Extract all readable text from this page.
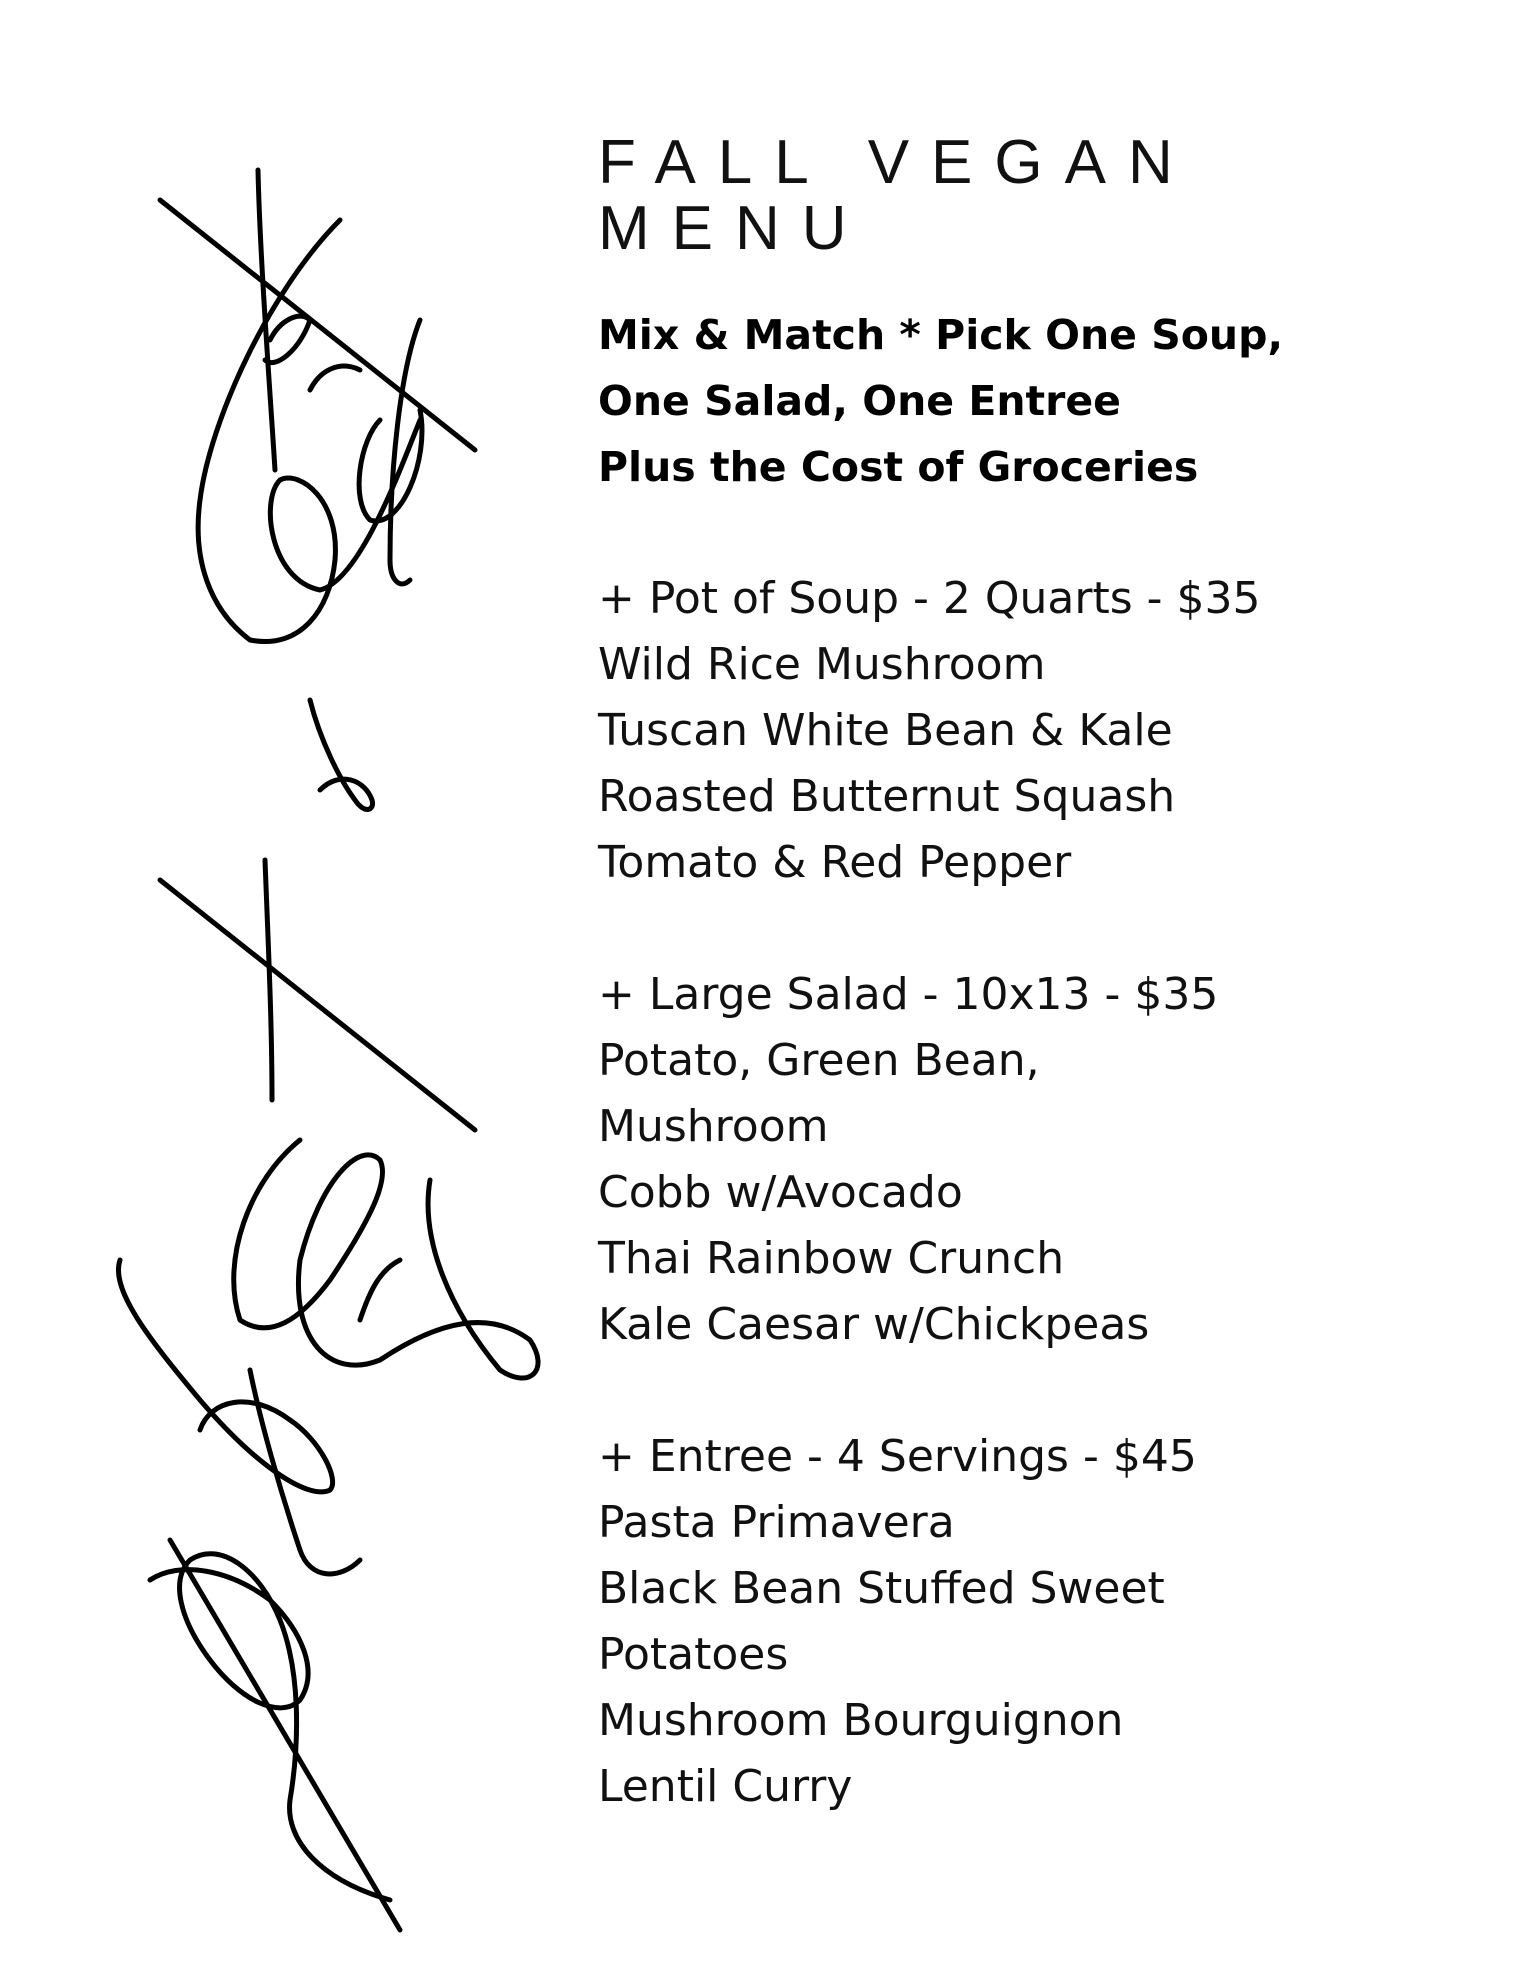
FALL VEGAN
MENU
Mix & Match * Pick One Soup,
One Salad, One Entree
Plus the Cost of Groceries
+ Pot of Soup - 2 Quarts - $35
Wild Rice Mushroom
Tuscan White Bean & Kale
Roasted Butternut Squash
Tomato & Red Pepper
+ Large Salad - 10x13 - $35
Potato, Green Bean,
Mushroom
Cobb w/Avocado
Thai Rainbow Crunch
Kale Caesar w/Chickpeas
+ Entree - 4 Servings - $45
Pasta Primavera
Black Bean Stuffed Sweet
Potatoes
Mushroom Bourguignon
Lentil Curry
